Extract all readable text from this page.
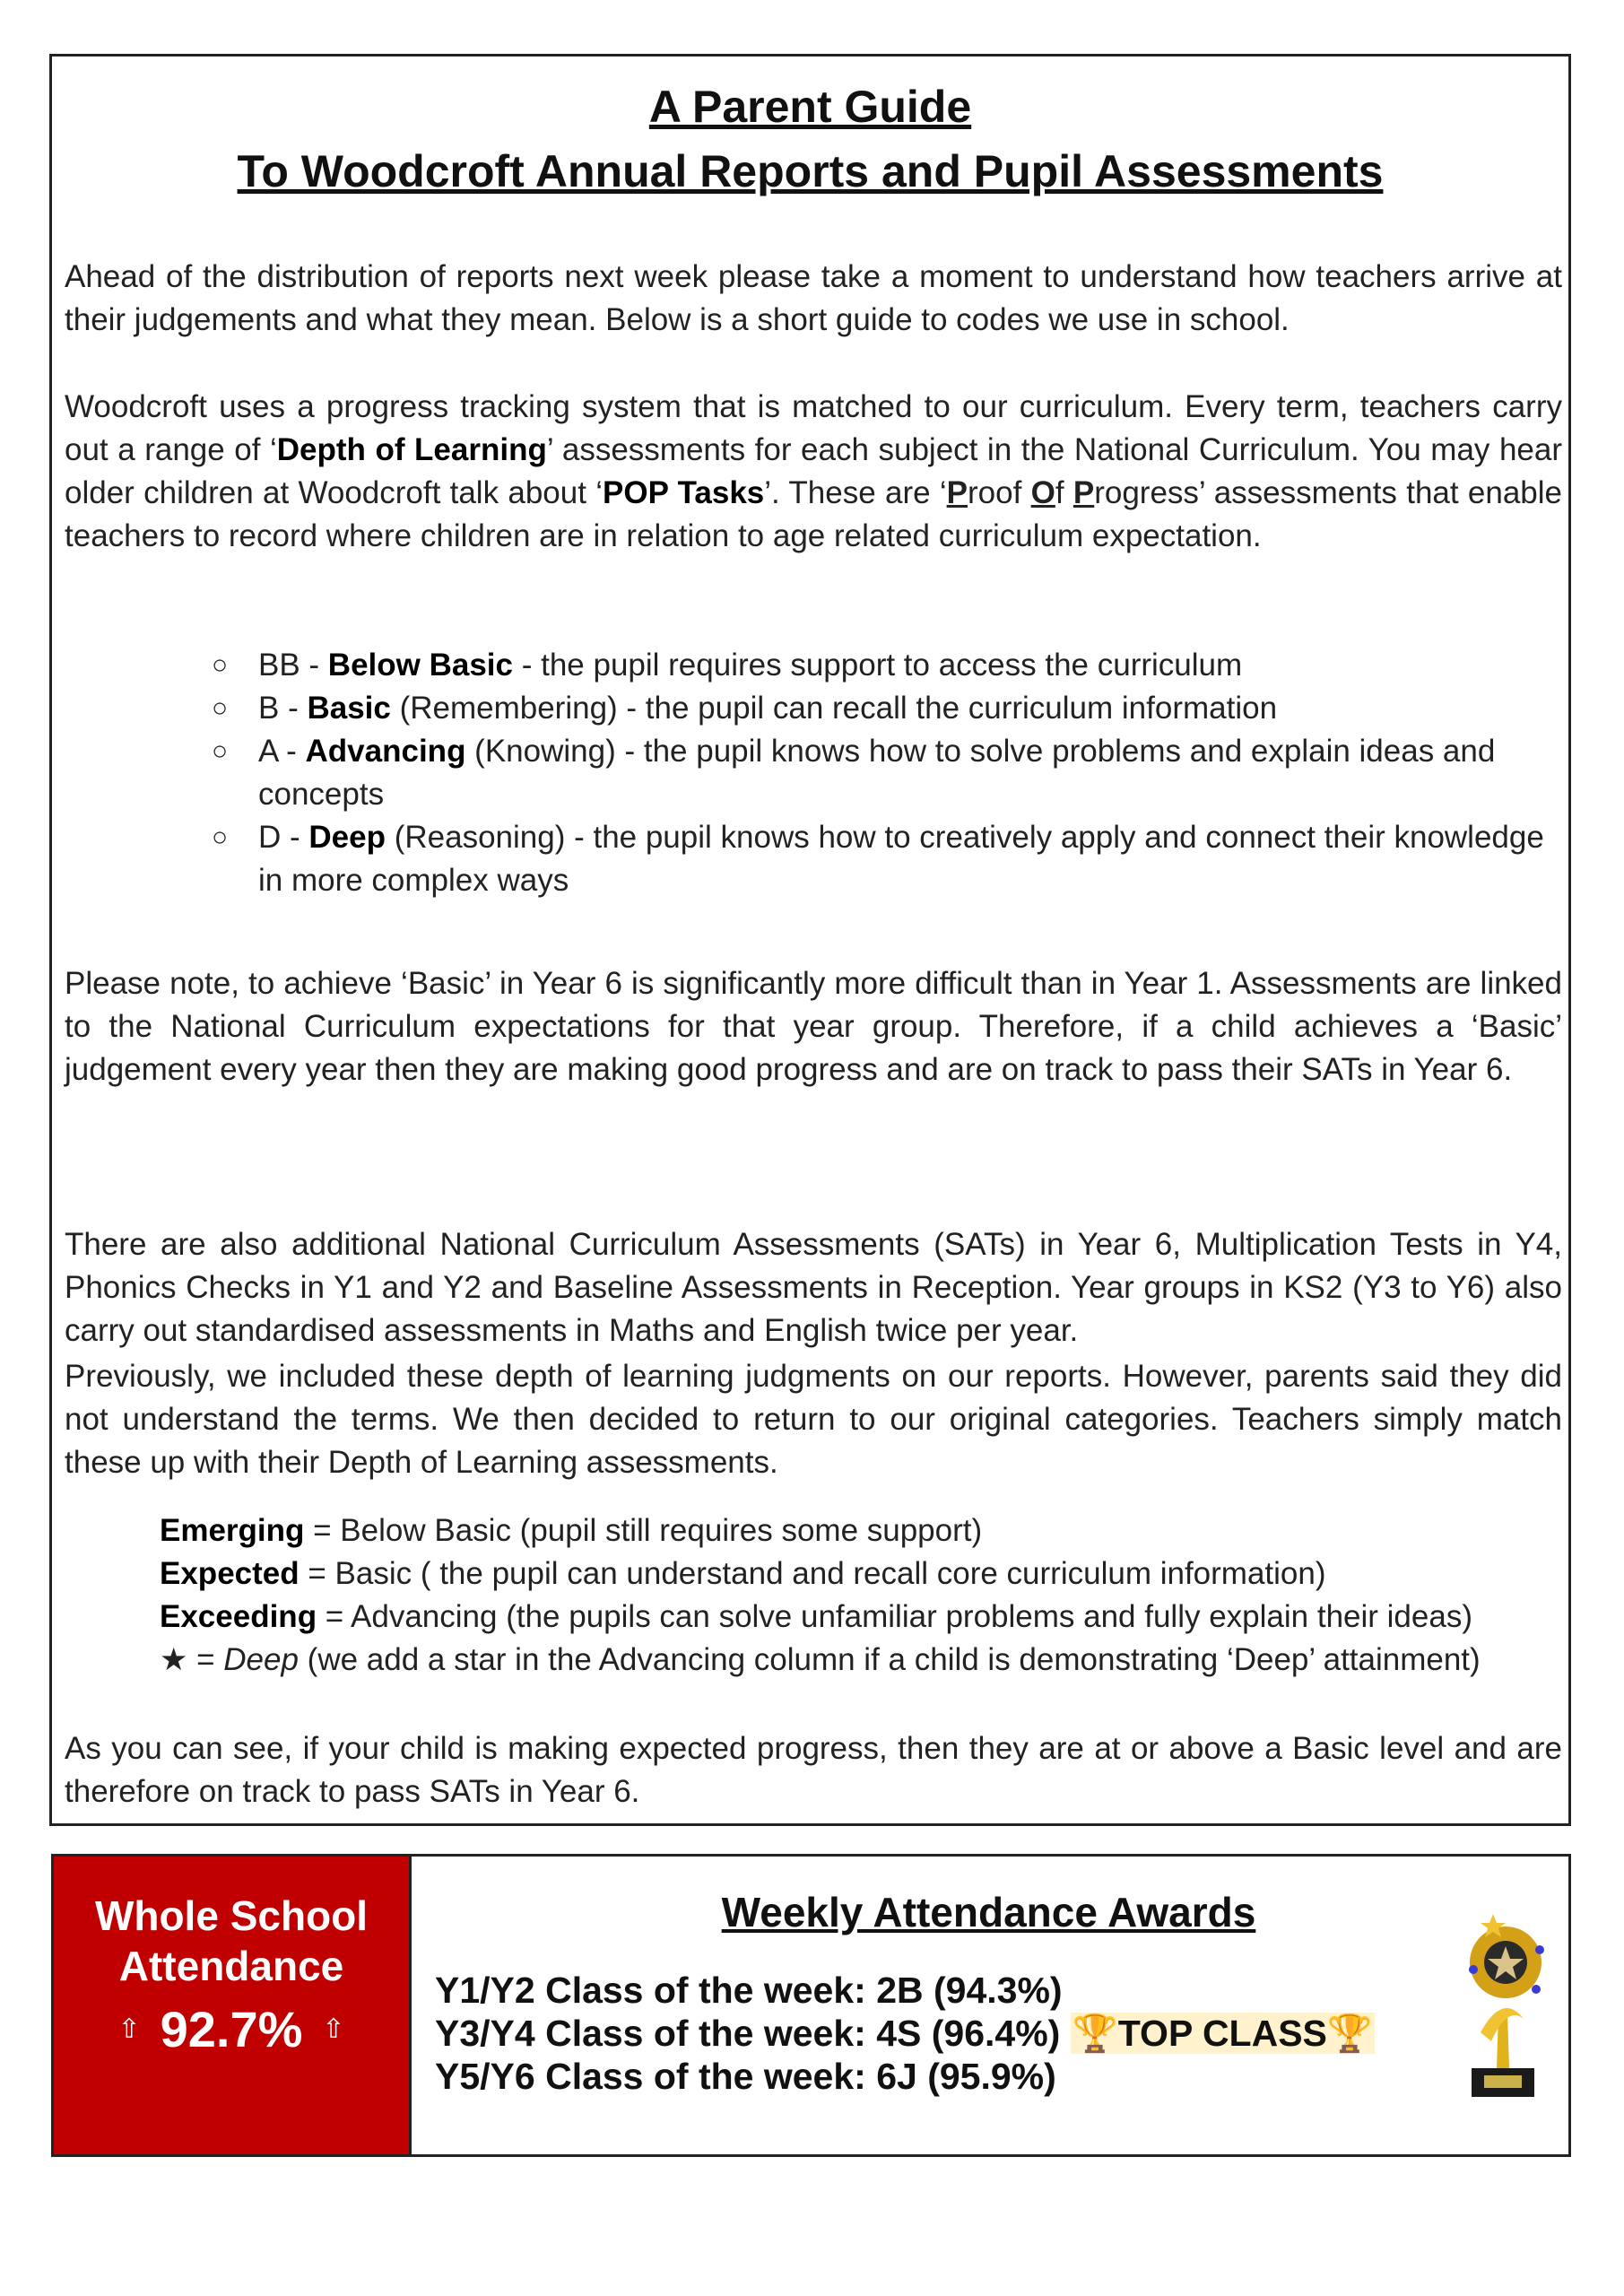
A Parent Guide
To Woodcroft Annual Reports and Pupil Assessments

Ahead of the distribution of reports next week please take a moment to understand how teachers arrive at their judgements and what they mean. Below is a short guide to codes we use in school.

Woodcroft uses a progress tracking system that is matched to our curriculum. Every term, teachers carry out a range of ‘Depth of Learning’ assessments for each subject in the National Curriculum. You may hear older children at Woodcroft talk about ‘POP Tasks’. These are ‘Proof Of Progress’ assessments that enable teachers to record where children are in relation to age related curriculum expectation.

○ BB - Below Basic - the pupil requires support to access the curriculum
○ B - Basic (Remembering) - the pupil can recall the curriculum information
○ A - Advancing (Knowing) - the pupil knows how to solve problems and explain ideas and concepts
○ D - Deep (Reasoning) - the pupil knows how to creatively apply and connect their knowledge in more complex ways

Please note, to achieve ‘Basic’ in Year 6 is significantly more difficult than in Year 1. Assessments are linked to the National Curriculum expectations for that year group. Therefore, if a child achieves a ‘Basic’ judgement every year then they are making good progress and are on track to pass their SATs in Year 6.

There are also additional National Curriculum Assessments (SATs) in Year 6, Multiplication Tests in Y4, Phonics Checks in Y1 and Y2 and Baseline Assessments in Reception. Year groups in KS2 (Y3 to Y6) also carry out standardised assessments in Maths and English twice per year.

Previously, we included these depth of learning judgments on our reports. However, parents said they did not understand the terms. We then decided to return to our original categories. Teachers simply match these up with their Depth of Learning assessments.

Emerging = Below Basic (pupil still requires some support)
Expected = Basic ( the pupil can understand and recall core curriculum information)
Exceeding = Advancing (the pupils can solve unfamiliar problems and fully explain their ideas)
★ = Deep (we add a star in the Advancing column if a child is demonstrating ‘Deep’ attainment)

As you can see, if your child is making expected progress, then they are at or above a Basic level and are therefore on track to pass SATs in Year 6.

Whole School Attendance
⇧ 92.7% ⇧
Weekly Attendance Awards
Y1/Y2 Class of the week: 2B (94.3%)
Y3/Y4 Class of the week: 4S (96.4%) 🏆TOP CLASS🏆
Y5/Y6 Class of the week: 6J (95.9%)
